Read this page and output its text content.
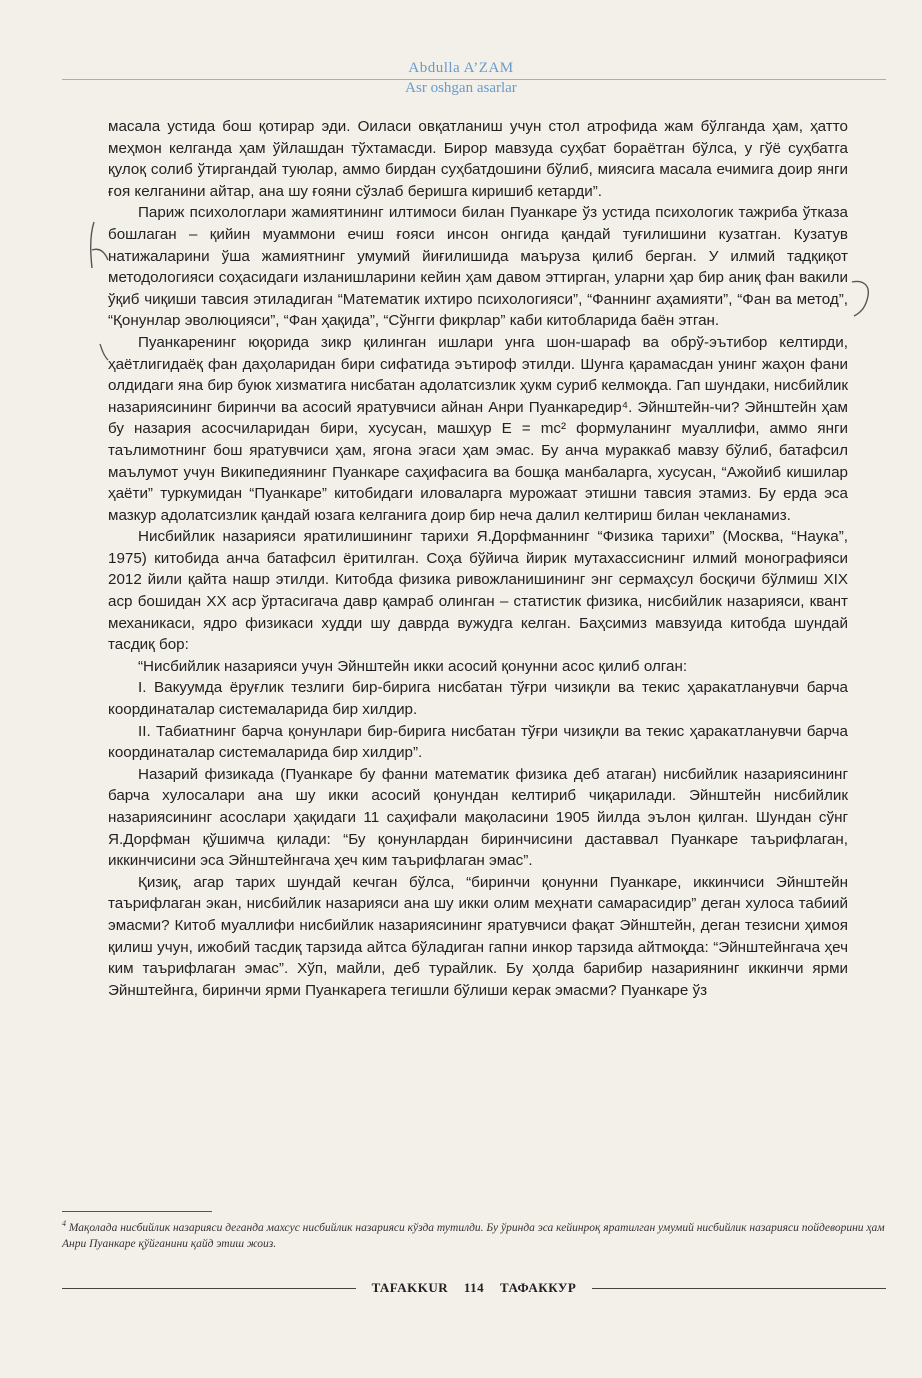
Abdulla A’ZAM
Asr oshgan asarlar

масала устида бош қотирар эди. Оиласи овқатланиш учун стол атрофида жам бўлганда ҳам, ҳатто меҳмон келганда ҳам ўйлашдан тўхтамасди. Бирор мавзуда суҳбат бораётган бўлса, у гўё суҳбатга қулоқ солиб ўтиргандай туюлар, аммо бирдан суҳбатдошини бўлиб, миясига масала ечимига доир янги ғоя келганини айтар, ана шу ғояни сўзлаб беришга киришиб кетарди”.

Париж психологлари жамиятининг илтимоси билан Пуанкаре ўз устида психологик тажриба ўтказа бошлаган – қийин муаммони ечиш ғояси инсон онгида қандай туғилишини кузатган. Кузатув натижаларини ўша жамиятнинг умумий йиғилишида маъруза қилиб берган. У илмий тадқиқот методологияси соҳасидаги изланишларини кейин ҳам давом эттирган, уларни ҳар бир аниқ фан вакили ўқиб чиқиши тавсия этиладиган “Математик ихтиро психологияси”, “Фаннинг аҳамияти”, “Фан ва метод”, “Қонунлар эволюцияси”, “Фан ҳақида”, “Сўнгги фикрлар” каби китобларида баён этган.

Пуанкаренинг юқорида зикр қилинган ишлари унга шон-шараф ва обрў-эътибор келтирди, ҳаётлигидаёқ фан даҳоларидан бири сифатида эътироф этилди. Шунга қарамасдан унинг жаҳон фани олдидаги яна бир буюк хизматига нисбатан адолатсизлик ҳукм суриб келмоқда. Гап шундаки, нисбийлик назариясининг биринчи ва асосий яратувчиси айнан Анри Пуанкаредир⁴. Эйнштейн-чи? Эйнштейн ҳам бу назария асосчиларидан бири, хусусан, машҳур E = mc² формуланинг муаллифи, аммо янги таълимотнинг бош яратувчиси ҳам, ягона эгаси ҳам эмас. Бу анча мураккаб мавзу бўлиб, батафсил маълумот учун Википедиянинг Пуанкаре саҳифасига ва бошқа манбаларга, хусусан, “Ажойиб кишилар ҳаёти” туркумидан “Пуанкаре” китобидаги иловаларга мурожаат этишни тавсия этамиз. Бу ерда эса мазкур адолатсизлик қандай юзага келганига доир бир неча далил келтириш билан чекланамиз.

Нисбийлик назарияси яратилишининг тарихи Я.Дорфманнинг “Физика тарихи” (Москва, “Наука”, 1975) китобида анча батафсил ёритилган. Соҳа бўйича йирик мутахассиснинг илмий монографияси 2012 йили қайта нашр этилди. Китобда физика ривожланишининг энг сермаҳсул босқичи бўлмиш XIX аср бошидан XX аср ўртасигача давр қамраб олинган – статистик физика, нисбийлик назарияси, квант механикаси, ядро физикаси худди шу даврда вужудга келган. Баҳсимиз мавзуида китобда шундай тасдиқ бор:

“Нисбийлик назарияси учун Эйнштейн икки асосий қонунни асос қилиб олган:

I. Вакуумда ёруғлик тезлиги бир-бирига нисбатан тўғри чизиқли ва текис ҳаракатланувчи барча координаталар системаларида бир хилдир.

II. Табиатнинг барча қонунлари бир-бирига нисбатан тўғри чизиқли ва текис ҳаракатланувчи барча координаталар системаларида бир хилдир”.

Назарий физикада (Пуанкаре бу фанни математик физика деб атаган) нисбийлик назариясининг барча хулосалари ана шу икки асосий қонундан келтириб чиқарилади. Эйнштейн нисбийлик назариясининг асослари ҳақидаги 11 саҳифали мақоласини 1905 йилда эълон қилган. Шундан сўнг Я.Дорфман қўшимча қилади: “Бу қонунлардан биринчисини даставвал Пуанкаре таърифлаган, иккинчисини эса Эйнштейнгача ҳеч ким таърифлаган эмас”.

Қизиқ, агар тарих шундай кечган бўлса, “биринчи қонунни Пуанкаре, иккинчиси Эйнштейн таърифлаган экан, нисбийлик назарияси ана шу икки олим меҳнати самарасидир” деган хулоса табиий эмасми? Китоб муаллифи нисбийлик назариясининг яратувчиси фақат Эйнштейн, деган тезисни ҳимоя қилиш учун, ижобий тасдиқ тарзида айтса бўладиган гапни инкор тарзида айтмоқда: “Эйнштейнгача ҳеч ким таърифлаган эмас”. Хўп, майли, деб турайлик. Бу ҳолда барибир назариянинг иккинчи ярми Эйнштейнга, биринчи ярми Пуанкарега тегишли бўлиши керак эмасми? Пуанкаре ўз

$^4$ Мақолада нисбийлик назарияси деганда махсус нисбийлик назарияси кўзда тутилди. Бу ўринда эса кейинроқ яратилган умумий нисбийлик назарияси пойдеворини ҳам Анри Пуанкаре қўйганини қайд этиш жоиз.
TAFAKKUR 114 ТАФАККУР
